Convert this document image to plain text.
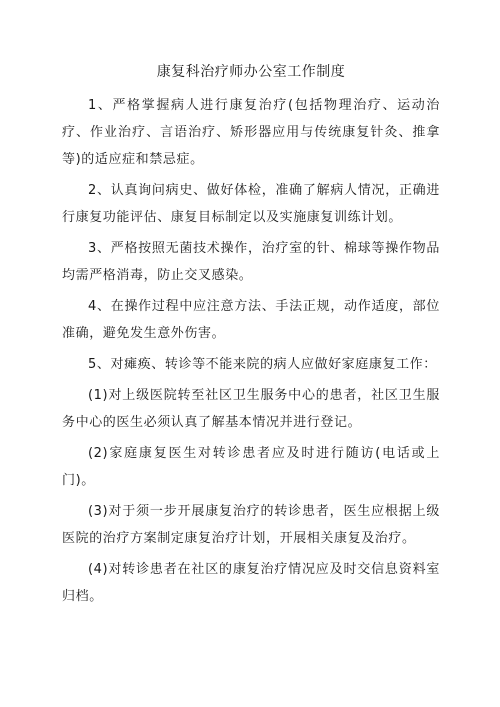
康复科治疗师办公室工作制度

1、严格掌握病人进行康复治疗(包括物理治疗、运动治疗、作业治疗、言语治疗、矫形器应用与传统康复针灸、推拿等)的适应症和禁忌症。

2、认真询问病史、做好体检，准确了解病人情况，正确进行康复功能评估、康复目标制定以及实施康复训练计划。

3、严格按照无菌技术操作，治疗室的针、棉球等操作物品均需严格消毒，防止交叉感染。

4、在操作过程中应注意方法、手法正规，动作适度，部位准确，避免发生意外伤害。

5、对瘫痪、转诊等不能来院的病人应做好家庭康复工作：

(1)对上级医院转至社区卫生服务中心的患者，社区卫生服务中心的医生必须认真了解基本情况并进行登记。

(2)家庭康复医生对转诊患者应及时进行随访(电话或上门)。

(3)对于须一步开展康复治疗的转诊患者，医生应根据上级医院的治疗方案制定康复治疗计划，开展相关康复及治疗。

(4)对转诊患者在社区的康复治疗情况应及时交信息资料室归档。
